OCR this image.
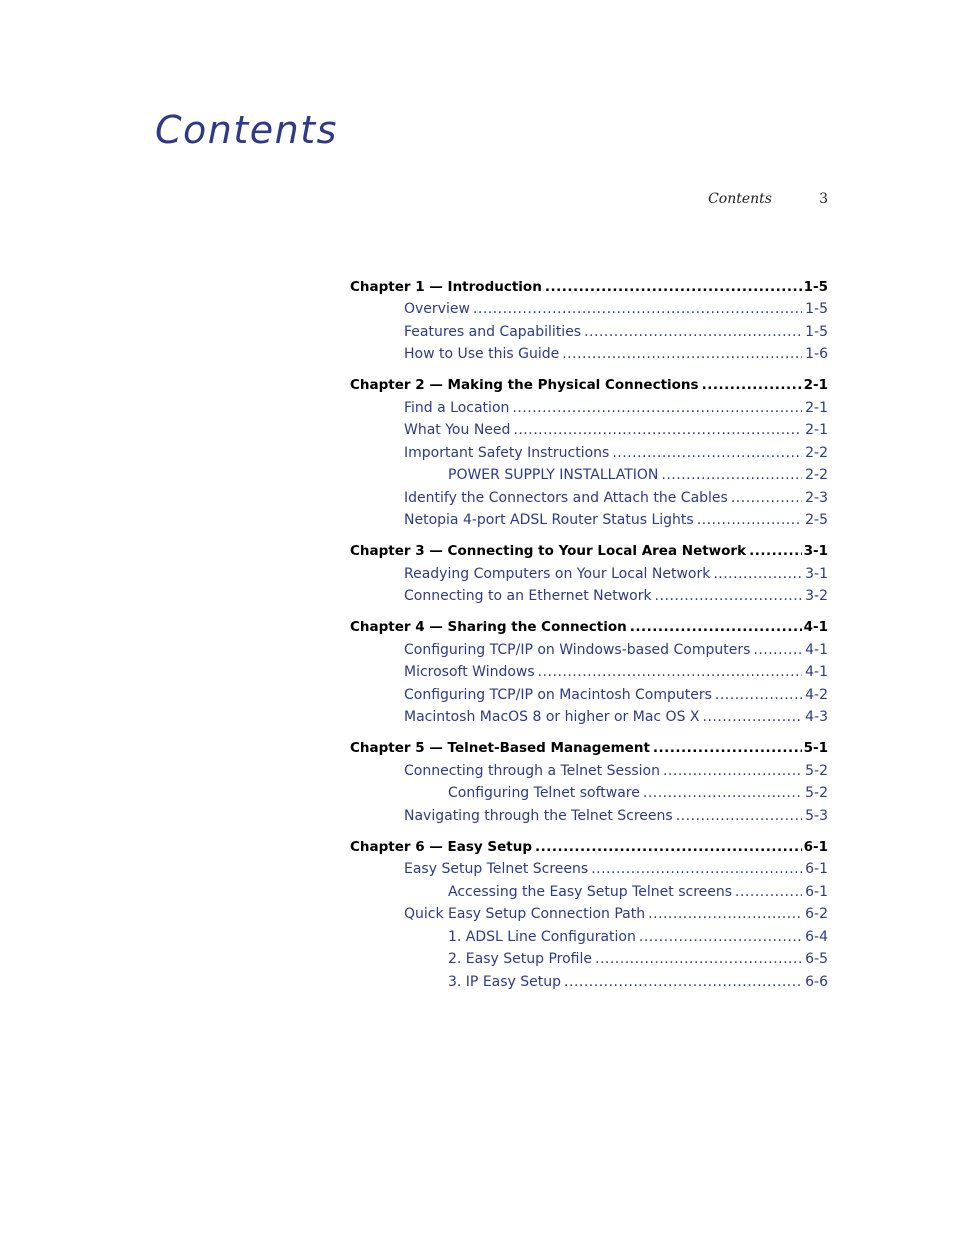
Contents
Contents	3
Chapter 1 — Introduction .....	1-5
Overview .....	1-5
Features and Capabilities .....	1-5
How to Use this Guide .....	1-6
Chapter 2 — Making the Physical Connections .....	2-1
Find a Location .....	2-1
What You Need .....	2-1
Important Safety Instructions .....	2-2
POWER SUPPLY INSTALLATION .....	2-2
Identify the Connectors and Attach the Cables .....	2-3
Netopia 4-port ADSL Router Status Lights .....	2-5
Chapter 3 — Connecting to Your Local Area Network .....	3-1
Readying Computers on Your Local Network .....	3-1
Connecting to an Ethernet Network .....	3-2
Chapter 4 — Sharing the Connection .....	4-1
Configuring TCP/IP on Windows-based Computers .....	4-1
Microsoft Windows .....	4-1
Configuring TCP/IP on Macintosh Computers .....	4-2
Macintosh MacOS 8 or higher or Mac OS X .....	4-3
Chapter 5 — Telnet-Based Management .....	5-1
Connecting through a Telnet Session .....	5-2
Configuring Telnet software .....	5-2
Navigating through the Telnet Screens .....	5-3
Chapter 6 — Easy Setup .....	6-1
Easy Setup Telnet Screens .....	6-1
Accessing the Easy Setup Telnet screens .....	6-1
Quick Easy Setup Connection Path .....	6-2
1. ADSL Line Configuration .....	6-4
2. Easy Setup Profile .....	6-5
3. IP Easy Setup .....	6-6
